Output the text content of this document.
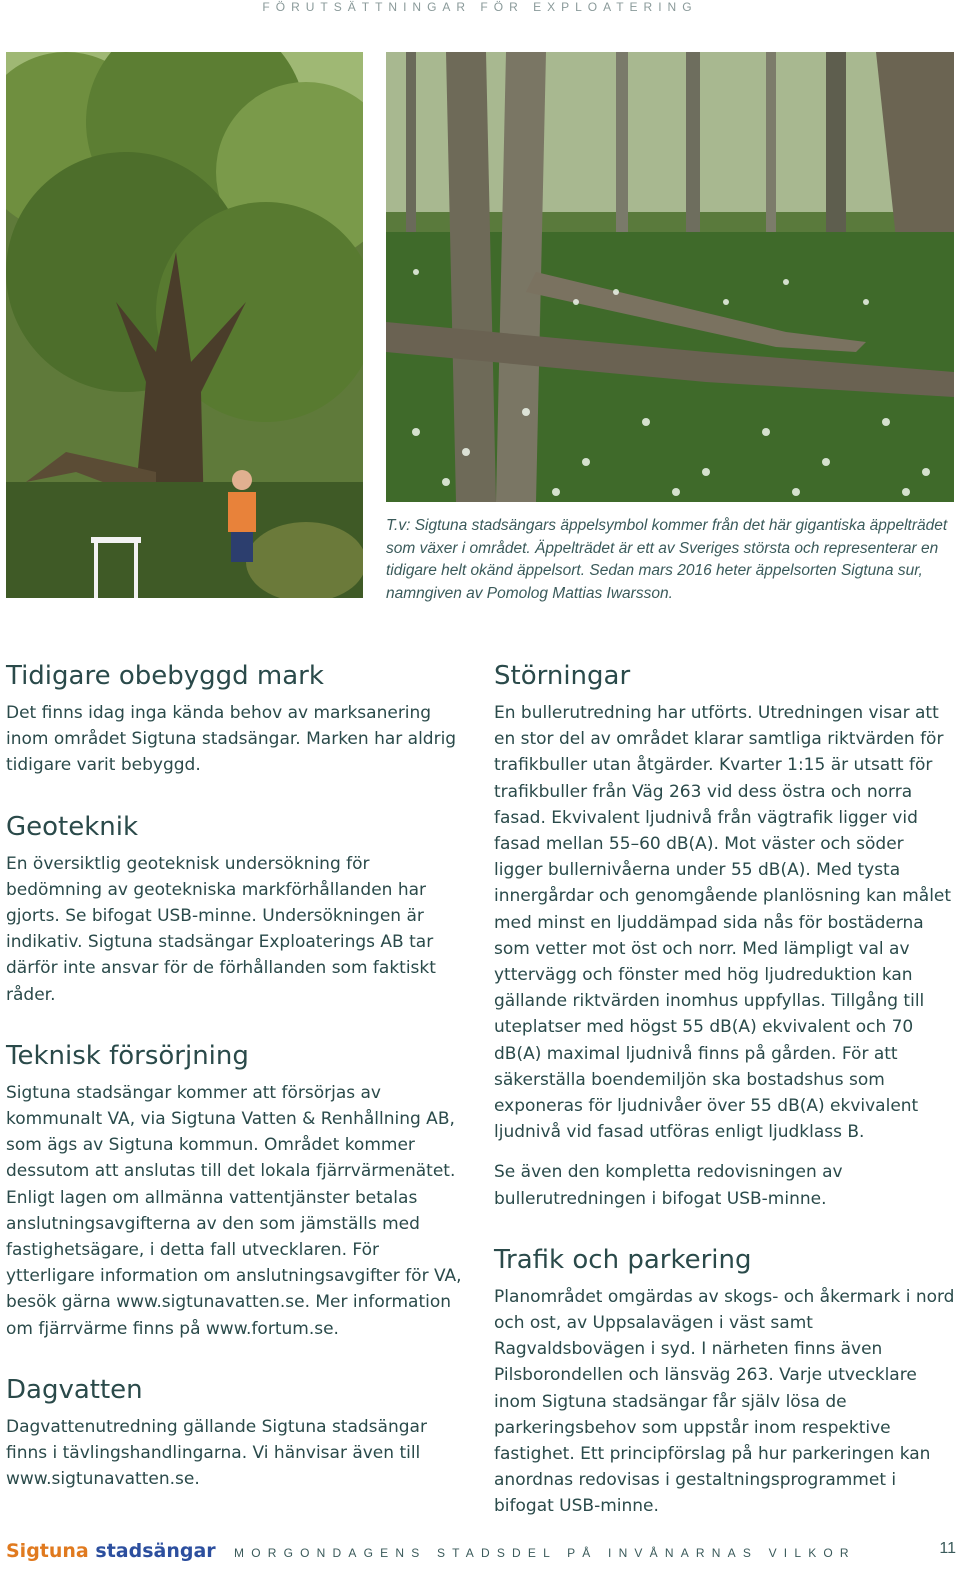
FÖRUTSÄTTNINGAR FÖR EXPLOATERING
T.v: Sigtuna stadsängars äppelsymbol kommer från det här gigantiska äppelträdet som växer i området. Äppelträdet är ett av Sveriges största och representerar en tidigare helt okänd äppelsort. Sedan mars 2016 heter äppelsorten Sigtuna sur, namngiven av Pomolog Mattias Iwarsson.
Tidigare obebyggd mark

Det finns idag inga kända behov av marksanering inom området Sigtuna stadsängar. Marken har aldrig tidigare varit bebyggd.

Geoteknik

En översiktlig geoteknisk undersökning för bedömning av geotekniska markförhållanden har gjorts. Se bifogat USB-minne. Undersökningen är indikativ. Sigtuna stadsängar Exploaterings AB tar därför inte ansvar för de förhållanden som faktiskt råder.

Teknisk försörjning

Sigtuna stadsängar kommer att försörjas av kommunalt VA, via Sigtuna Vatten & Renhållning AB, som ägs av Sigtuna kommun. Området kommer dessutom att anslutas till det lokala fjärrvärmenätet. Enligt lagen om allmänna vattentjänster betalas anslutningsavgifterna av den som jämställs med fastighetsägare, i detta fall utvecklaren. För ytterligare information om anslutningsavgifter för VA, besök gärna www.sigtunavatten.se. Mer information om fjärrvärme finns på www.fortum.se.

Dagvatten

Dagvattenutredning gällande Sigtuna stadsängar finns i tävlingshandlingarna. Vi hänvisar även till www.sigtunavatten.se.

Störningar

En bullerutredning har utförts. Utredningen visar att en stor del av området klarar samtliga riktvärden för trafikbuller utan åtgärder. Kvarter 1:15 är utsatt för trafikbuller från Väg 263 vid dess östra och norra fasad. Ekvivalent ljudnivå från vägtrafik ligger vid fasad mellan 55–60 dB(A). Mot väster och söder ligger bullernivåerna under 55 dB(A). Med tysta innergårdar och genomgående planlösning kan målet med minst en ljuddämpad sida nås för bostäderna som vetter mot öst och norr. Med lämpligt val av yttervägg och fönster med hög ljudreduktion kan gällande riktvärden inomhus uppfyllas. Tillgång till uteplatser med högst 55 dB(A) ekvivalent och 70 dB(A) maximal ljudnivå finns på gården. För att säkerställa boendemiljön ska bostadshus som exponeras för ljudnivåer över 55 dB(A) ekvivalent ljudnivå vid fasad utföras enligt ljudklass B.

Se även den kompletta redovisningen av bullerutredningen i bifogat USB-minne.

Trafik och parkering

Planområdet omgärdas av skogs- och åkermark i nord och ost, av Uppsalavägen i väst samt Ragvaldsbovägen i syd. I närheten finns även Pilsborondellen och länsväg 263. Varje utvecklare inom Sigtuna stadsängar får själv lösa de parkeringsbehov som uppstår inom respektive fastighet. Ett principförslag på hur parkeringen kan anordnas redovisas i gestaltningsprogrammet i bifogat USB-minne.

Sigtuna stadsängar MORGONDAGENS STADSDEL PÅ INVÅNARNAS VILKOR	11
